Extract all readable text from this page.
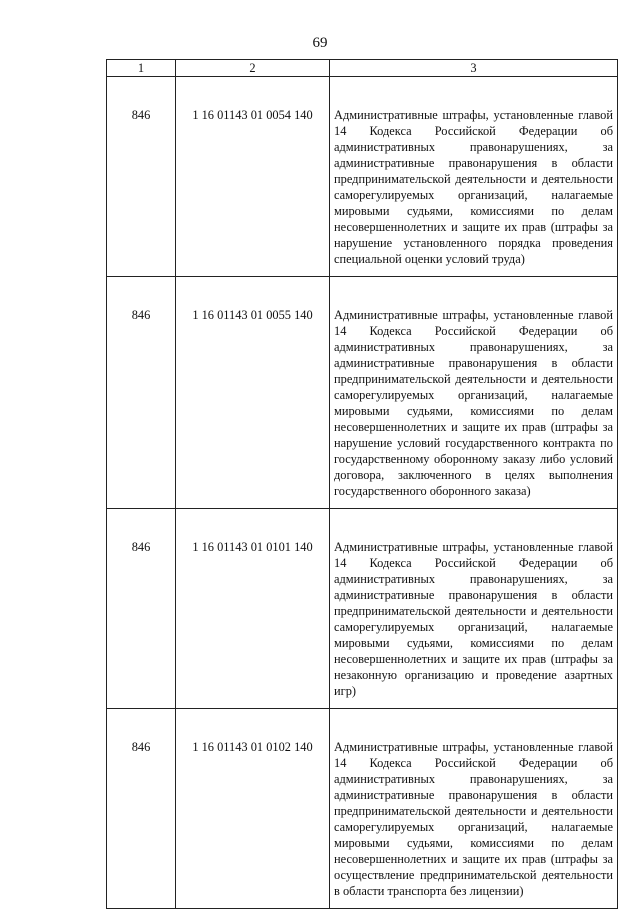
69
1	2	3
846	1 16 01143 01 0054 140	Административные штрафы, установленные главой 14 Кодекса Российской Федерации об административных правонарушениях, за административные правонарушения в области предпринимательской деятельности и деятельности саморегулируемых организаций, налагаемые мировыми судьями, комиссиями по делам несовершеннолетних и защите их прав (штрафы за нарушение установленного порядка проведения специальной оценки условий труда)

846	1 16 01143 01 0055 140	Административные штрафы, установленные главой 14 Кодекса Российской Федерации об административных правонарушениях, за административные правонарушения в области предпринимательской деятельности и деятельности саморегулируемых организаций, налагаемые мировыми судьями, комиссиями по делам несовершеннолетних и защите их прав (штрафы за нарушение условий государственного контракта по государственному оборонному заказу либо условий договора, заключенного в целях выполнения государственного оборонного заказа)

846	1 16 01143 01 0101 140	Административные штрафы, установленные главой 14 Кодекса Российской Федерации об административных правонарушениях, за административные правонарушения в области предпринимательской деятельности и деятельности саморегулируемых организаций, налагаемые мировыми судьями, комиссиями по делам несовершеннолетних и защите их прав (штрафы за незаконную организацию и проведение азартных игр)

846	1 16 01143 01 0102 140	Административные штрафы, установленные главой 14 Кодекса Российской Федерации об административных правонарушениях, за административные правонарушения в области предпринимательской деятельности и деятельности саморегулируемых организаций, налагаемые мировыми судьями, комиссиями по делам несовершеннолетних и защите их прав (штрафы за осуществление предпринимательской деятельности в области транспорта без лицензии)
